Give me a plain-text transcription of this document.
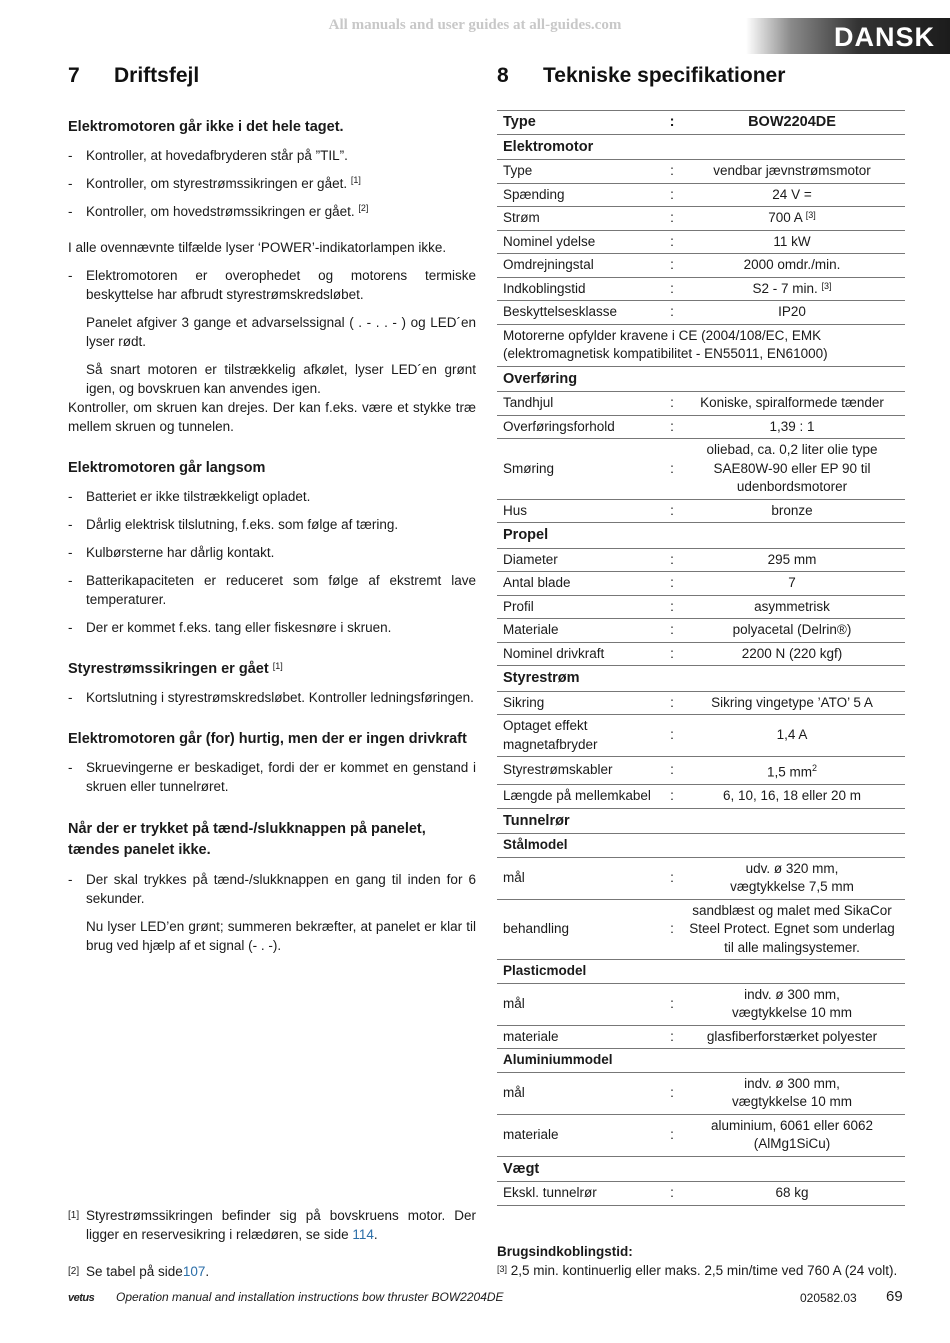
All manuals and user guides at all-guides.com	DANSK
7 Driftsfejl	8 Tekniske specifikationer
Elektromotoren går ikke i det hele taget.
- Kontroller, at hovedafbryderen står på ”TIL”.
- Kontroller, om styrestrømssikringen er gået. [1]
- Kontroller, om hovedstrømssikringen er gået. [2]
I alle ovennævnte tilfælde lyser ‘POWER’-indikatorlampen ikke.
- Elektromotoren er overophedet og motorens termiske beskyttelse har afbrudt styrestrømskredsløbet.
Panelet afgiver 3 gange et advarselssignal ( . - . . - ) og LED´en lyser rødt.
Så snart motoren er tilstrækkelig afkølet, lyser LED´en grønt igen, og bovskruen kan anvendes igen.
Kontroller, om skruen kan drejes. Der kan f.eks. være et stykke træ mellem skruen og tunnelen.
Elektromotoren går langsom
- Batteriet er ikke tilstrækkeligt opladet.
- Dårlig elektrisk tilslutning, f.eks. som følge af tæring.
- Kulbørsterne har dårlig kontakt.
- Batterikapaciteten er reduceret som følge af ekstremt lave temperaturer.
- Der er kommet f.eks. tang eller fiskesnøre i skruen.
Styrestrømssikringen er gået [1]
- Kortslutning i styrestrømskredsløbet. Kontroller ledningsføringen.
Elektromotoren går (for) hurtig, men der er ingen drivkraft
- Skruevingerne er beskadiget, fordi der er kommet en genstand i skruen eller tunnelrøret.
Når der er trykket på tænd-/slukknappen på panelet, tændes panelet ikke.
- Der skal trykkes på tænd-/slukknappen en gang til inden for 6 sekunder.
Nu lyser LED’en grønt; summeren bekræfter, at panelet er klar til brug ved hjælp af et signal (- . -).
Type	:	BOW2204DE
Elektromotor		
Type	:	vendbar jævnstrømsmotor
Spænding	:	24 V =
Strøm	:	700 A [3]
Nominel ydelse	:	11 kW
Omdrejningstal	:	2000 omdr./min.
Indkoblingstid	:	S2 - 7 min. [3]
Beskyttelsesklasse	:	IP20
Motorerne opfylder kravene i CE (2004/108/EC, EMK (elektromagnetisk kompatibilitet - EN55011, EN61000)		
Overføring		
Tandhjul	:	Koniske, spiralformede tænder
Overføringsforhold	:	1,39 : 1
Smøring	:	oliebad, ca. 0,2 liter olie type SAE80W-90 eller EP 90 til udenbordsmotorer
Hus	:	bronze
Propel		
Diameter	:	295 mm
Antal blade	:	7
Profil	:	asymmetrisk
Materiale	:	polyacetal (Delrin®)
Nominel drivkraft	:	2200 N (220 kgf)
Styrestrøm		
Sikring	:	Sikring vingetype ’ATO’ 5 A
Optaget effekt magnetafbryder	:	1,4 A
Styrestrømskabler	:	1,5 $mm^2$
Længde på mellemkabel	:	6, 10, 16, 18 eller 20 m
Tunnelrør		
Stålmodel		
mål	:	udv. ø 320 mm, vægtykkelse 7,5 mm
behandling	:	sandblæst og malet med SikaCor Steel Protect. Egnet som underlag til alle malingsystemer.
Plasticmodel		
mål	:	indv. ø 300 mm, vægtykkelse 10 mm
materiale	:	glasfiberforstærket polyester
Aluminiummodel		
mål	:	indv. ø 300 mm, vægtykkelse 10 mm
materiale	:	aluminium, 6061 eller 6062 (AlMg1SiCu)
Vægt		
Ekskl. tunnelrør	:	68 kg
[1] Styrestrømssikringen befinder sig på bovskruens motor. Der ligger en reservesikring i relædøren, se side 114.
[2] Se tabel på side107.
Brugsindkoblingstid:
[3] 2,5 min. kontinuerlig eller maks. 2,5 min/time ved 760 A (24 volt).
vetus Operation manual and installation instructions bow thruster BOW2204DE	020582.03 69
